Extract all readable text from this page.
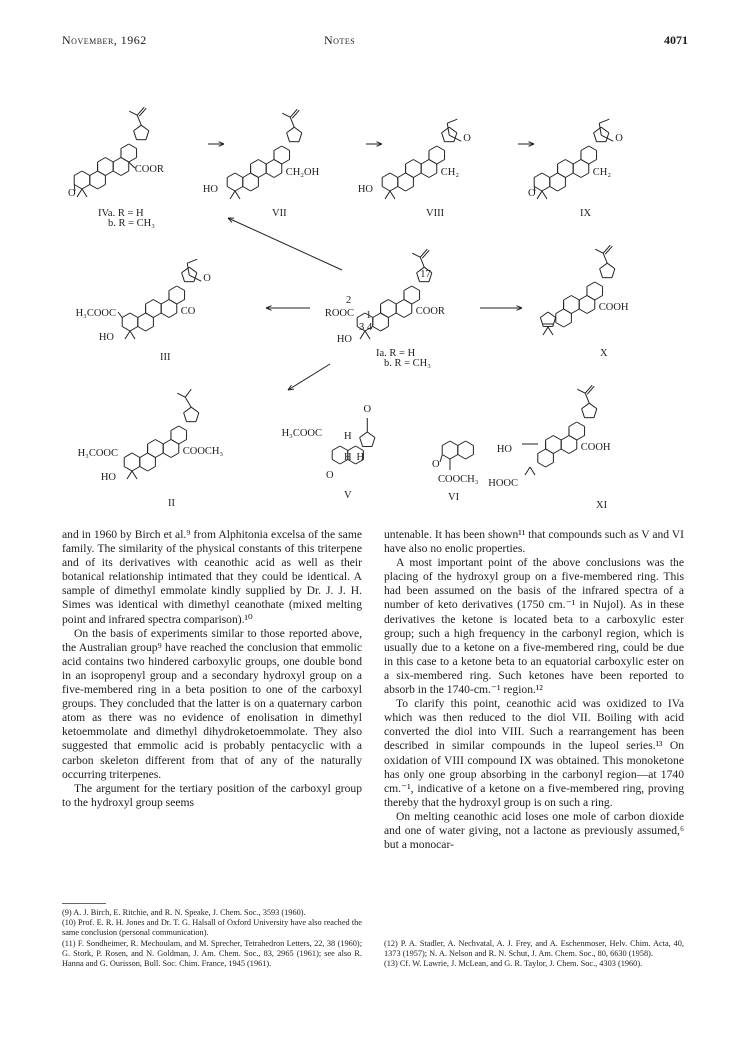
November, 1962	Notes	4071
COOR
O
IVa. R = H
b. R = CH₃
CH₂OH
HO
VII
O
CH₂
HO
VIII
O
CH₂
O
IX
O
CO
H₃COOC
HO
III
ROOC
2
17
1
3 4
COOR
HO
Ia. R = H
b. R = CH₃
COOH
X
H₃COOC	COOCH₃
HO
II
H₃COOC
O
H
H H
O
V
O
COOCH₃
VI
HO	COOH
HOOC
XI

and in 1960 by Birch et al.⁹ from Alphitonia excelsa of the same family. The similarity of the physical constants of this triterpene and of its derivatives with ceanothic acid as well as their botanical relationship intimated that they could be identical. A sample of dimethyl emmolate kindly supplied by Dr. J. J. H. Simes was identical with dimethyl ceanothate (mixed melting point and infrared spectra comparison).¹⁰

On the basis of experiments similar to those reported above, the Australian group⁹ have reached the conclusion that emmolic acid contains two hindered carboxylic groups, one double bond in an isopropenyl group and a secondary hydroxyl group on a five-membered ring in a beta position to one of the carboxyl groups. They concluded that the latter is on a quaternary carbon atom as there was no evidence of enolisation in dimethyl ketoemmolate and dimethyl dihydroketoemmolate. They also suggested that emmolic acid is probably pentacyclic with a carbon skeleton different from that of any of the naturally occurring triterpenes.

The argument for the tertiary position of the carboxyl group to the hydroxyl group seems

(9) A. J. Birch, E. Ritchie, and R. N. Speake, J. Chem. Soc., 3593 (1960).

(10) Prof. E. R. H. Jones and Dr. T. G. Halsall of Oxford University have also reached the same conclusion (personal communication).

(11) F. Sondheimer, R. Mechoulam, and M. Sprecher, Tetrahedron Letters, 22, 38 (1960); G. Stork, P. Rosen, and N. Goldman, J. Am. Chem. Soc., 83, 2965 (1961); see also R. Hanna and G. Ourisson, Bull. Soc. Chim. France, 1945 (1961).

untenable. It has been shown¹¹ that compounds such as V and VI have also no enolic properties.

A most important point of the above conclusions was the placing of the hydroxyl group on a five-membered ring. This had been assumed on the basis of the infrared spectra of a number of keto derivatives (1750 cm.⁻¹ in Nujol). As in these derivatives the ketone is located beta to a carboxylic ester group; such a high frequency in the carbonyl region, which is usually due to a ketone on a five-membered ring, could be due in this case to a ketone beta to an equatorial carboxylic ester on a six-membered ring. Such ketones have been reported to absorb in the 1740-cm.⁻¹ region.¹²

To clarify this point, ceanothic acid was oxidized to IVa which was then reduced to the diol VII. Boiling with acid converted the diol into VIII. Such a rearrangement has been described in similar compounds in the lupeol series.¹³ On oxidation of VIII compound IX was obtained. This monoketone has only one group absorbing in the carbonyl region—at 1740 cm.⁻¹, indicative of a ketone on a five-membered ring, proving thereby that the hydroxyl group is on such a ring.

On melting ceanothic acid loses one mole of carbon dioxide and one of water giving, not a lactone as previously assumed,⁶ but a monocar-

(12) P. A. Stadler, A. Nechvatal, A. J. Frey, and A. Eschenmoser, Helv. Chim. Acta, 40, 1373 (1957); N. A. Nelson and R. N. Schut, J. Am. Chem. Soc., 80, 6630 (1958).

(13) Cf. W. Lawrie, J. McLean, and G. R. Taylor, J. Chem. Soc., 4303 (1960).
